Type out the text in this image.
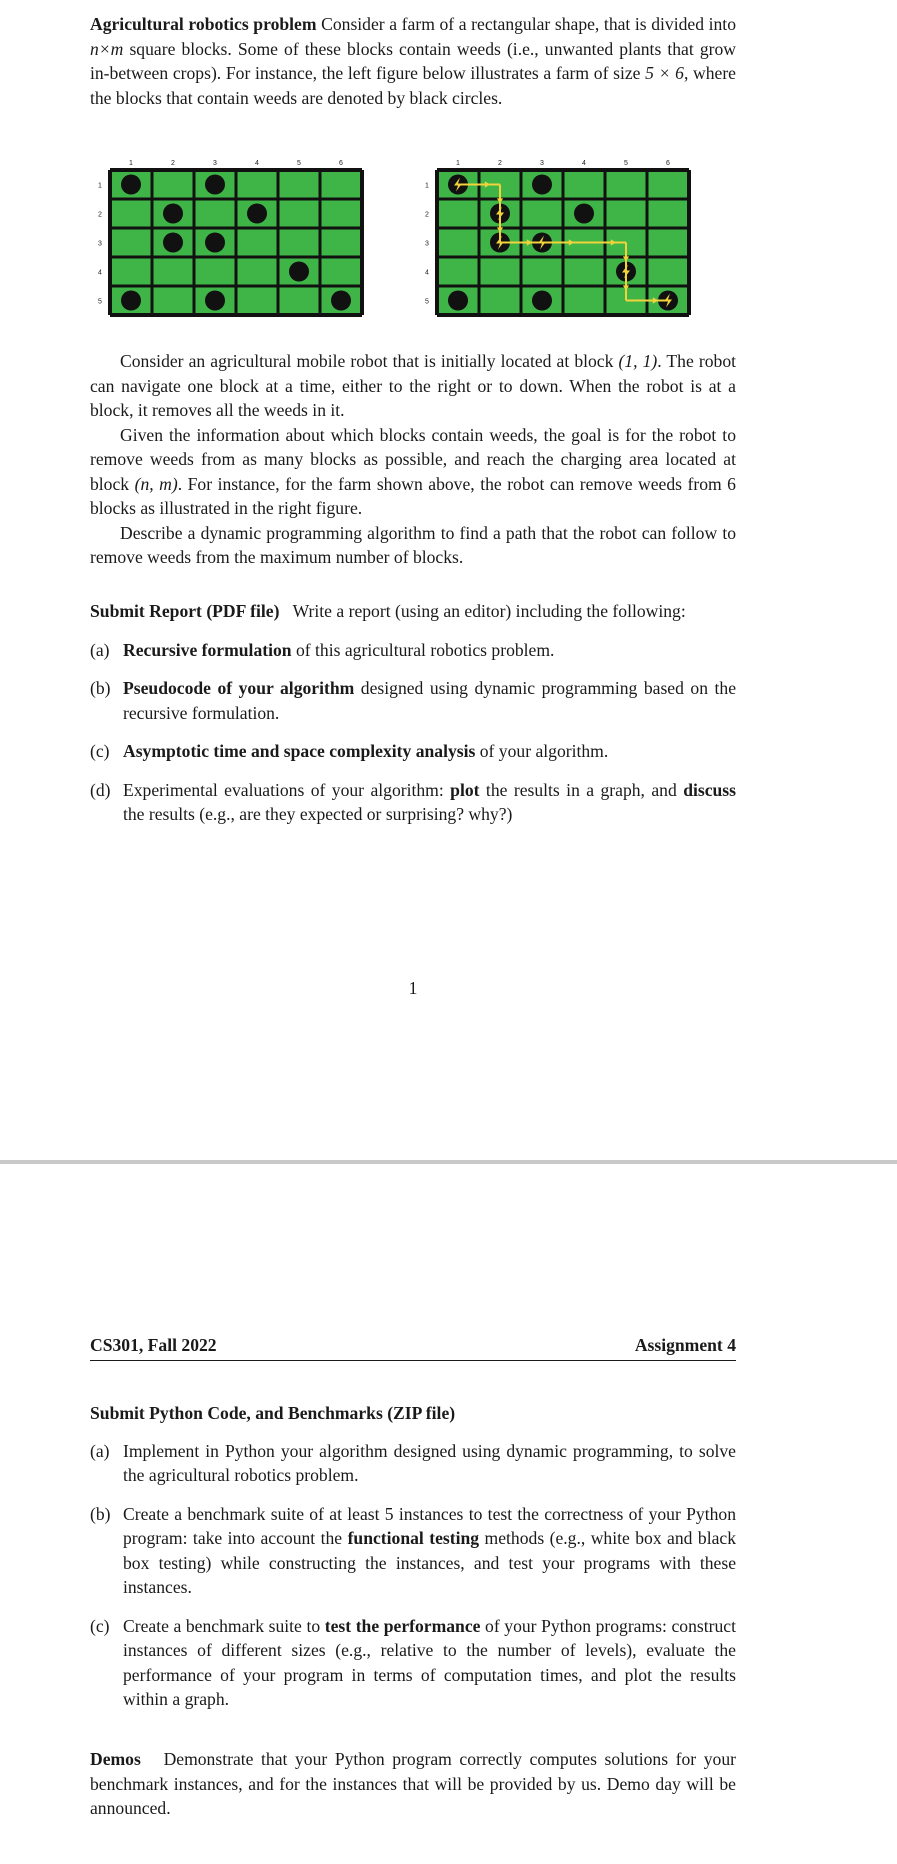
Agricultural robotics problem Consider a farm of a rectangular shape, that is divided into n×m square blocks. Some of these blocks contain weeds (i.e., unwanted plants that grow in-between crops). For instance, the left figure below illustrates a farm of size 5 × 6, where the blocks that contain weeds are denoted by black circles.

1	2	3	4	5	6
1
2
3
4
5
1	2	3	4	5	6
1
2
3
4
5

Consider an agricultural mobile robot that is initially located at block (1, 1). The robot can navigate one block at a time, either to the right or to down. When the robot is at a block, it removes all the weeds in it.

Given the information about which blocks contain weeds, the goal is for the robot to remove weeds from as many blocks as possible, and reach the charging area located at block (n, m). For instance, for the farm shown above, the robot can remove weeds from 6 blocks as illustrated in the right figure.

Describe a dynamic programming algorithm to find a path that the robot can follow to remove weeds from the maximum number of blocks.

Submit Report (PDF file) Write a report (using an editor) including the following:

(a) Recursive formulation of this agricultural robotics problem.
(b) Pseudocode of your algorithm designed using dynamic programming based on the recursive formulation.
(c) Asymptotic time and space complexity analysis of your algorithm.
(d) Experimental evaluations of your algorithm: plot the results in a graph, and discuss the results (e.g., are they expected or surprising? why?)
1
CS301, Fall 2022	Assignment 4

Submit Python Code, and Benchmarks (ZIP file)

(a) Implement in Python your algorithm designed using dynamic programming, to solve the agricultural robotics problem.
(b) Create a benchmark suite of at least 5 instances to test the correctness of your Python program: take into account the functional testing methods (e.g., white box and black box testing) while constructing the instances, and test your programs with these instances.
(c) Create a benchmark suite to test the performance of your Python programs: construct instances of different sizes (e.g., relative to the number of levels), evaluate the performance of your program in terms of computation times, and plot the results within a graph.

Demos Demonstrate that your Python program correctly computes solutions for your benchmark instances, and for the instances that will be provided by us. Demo day will be announced.
